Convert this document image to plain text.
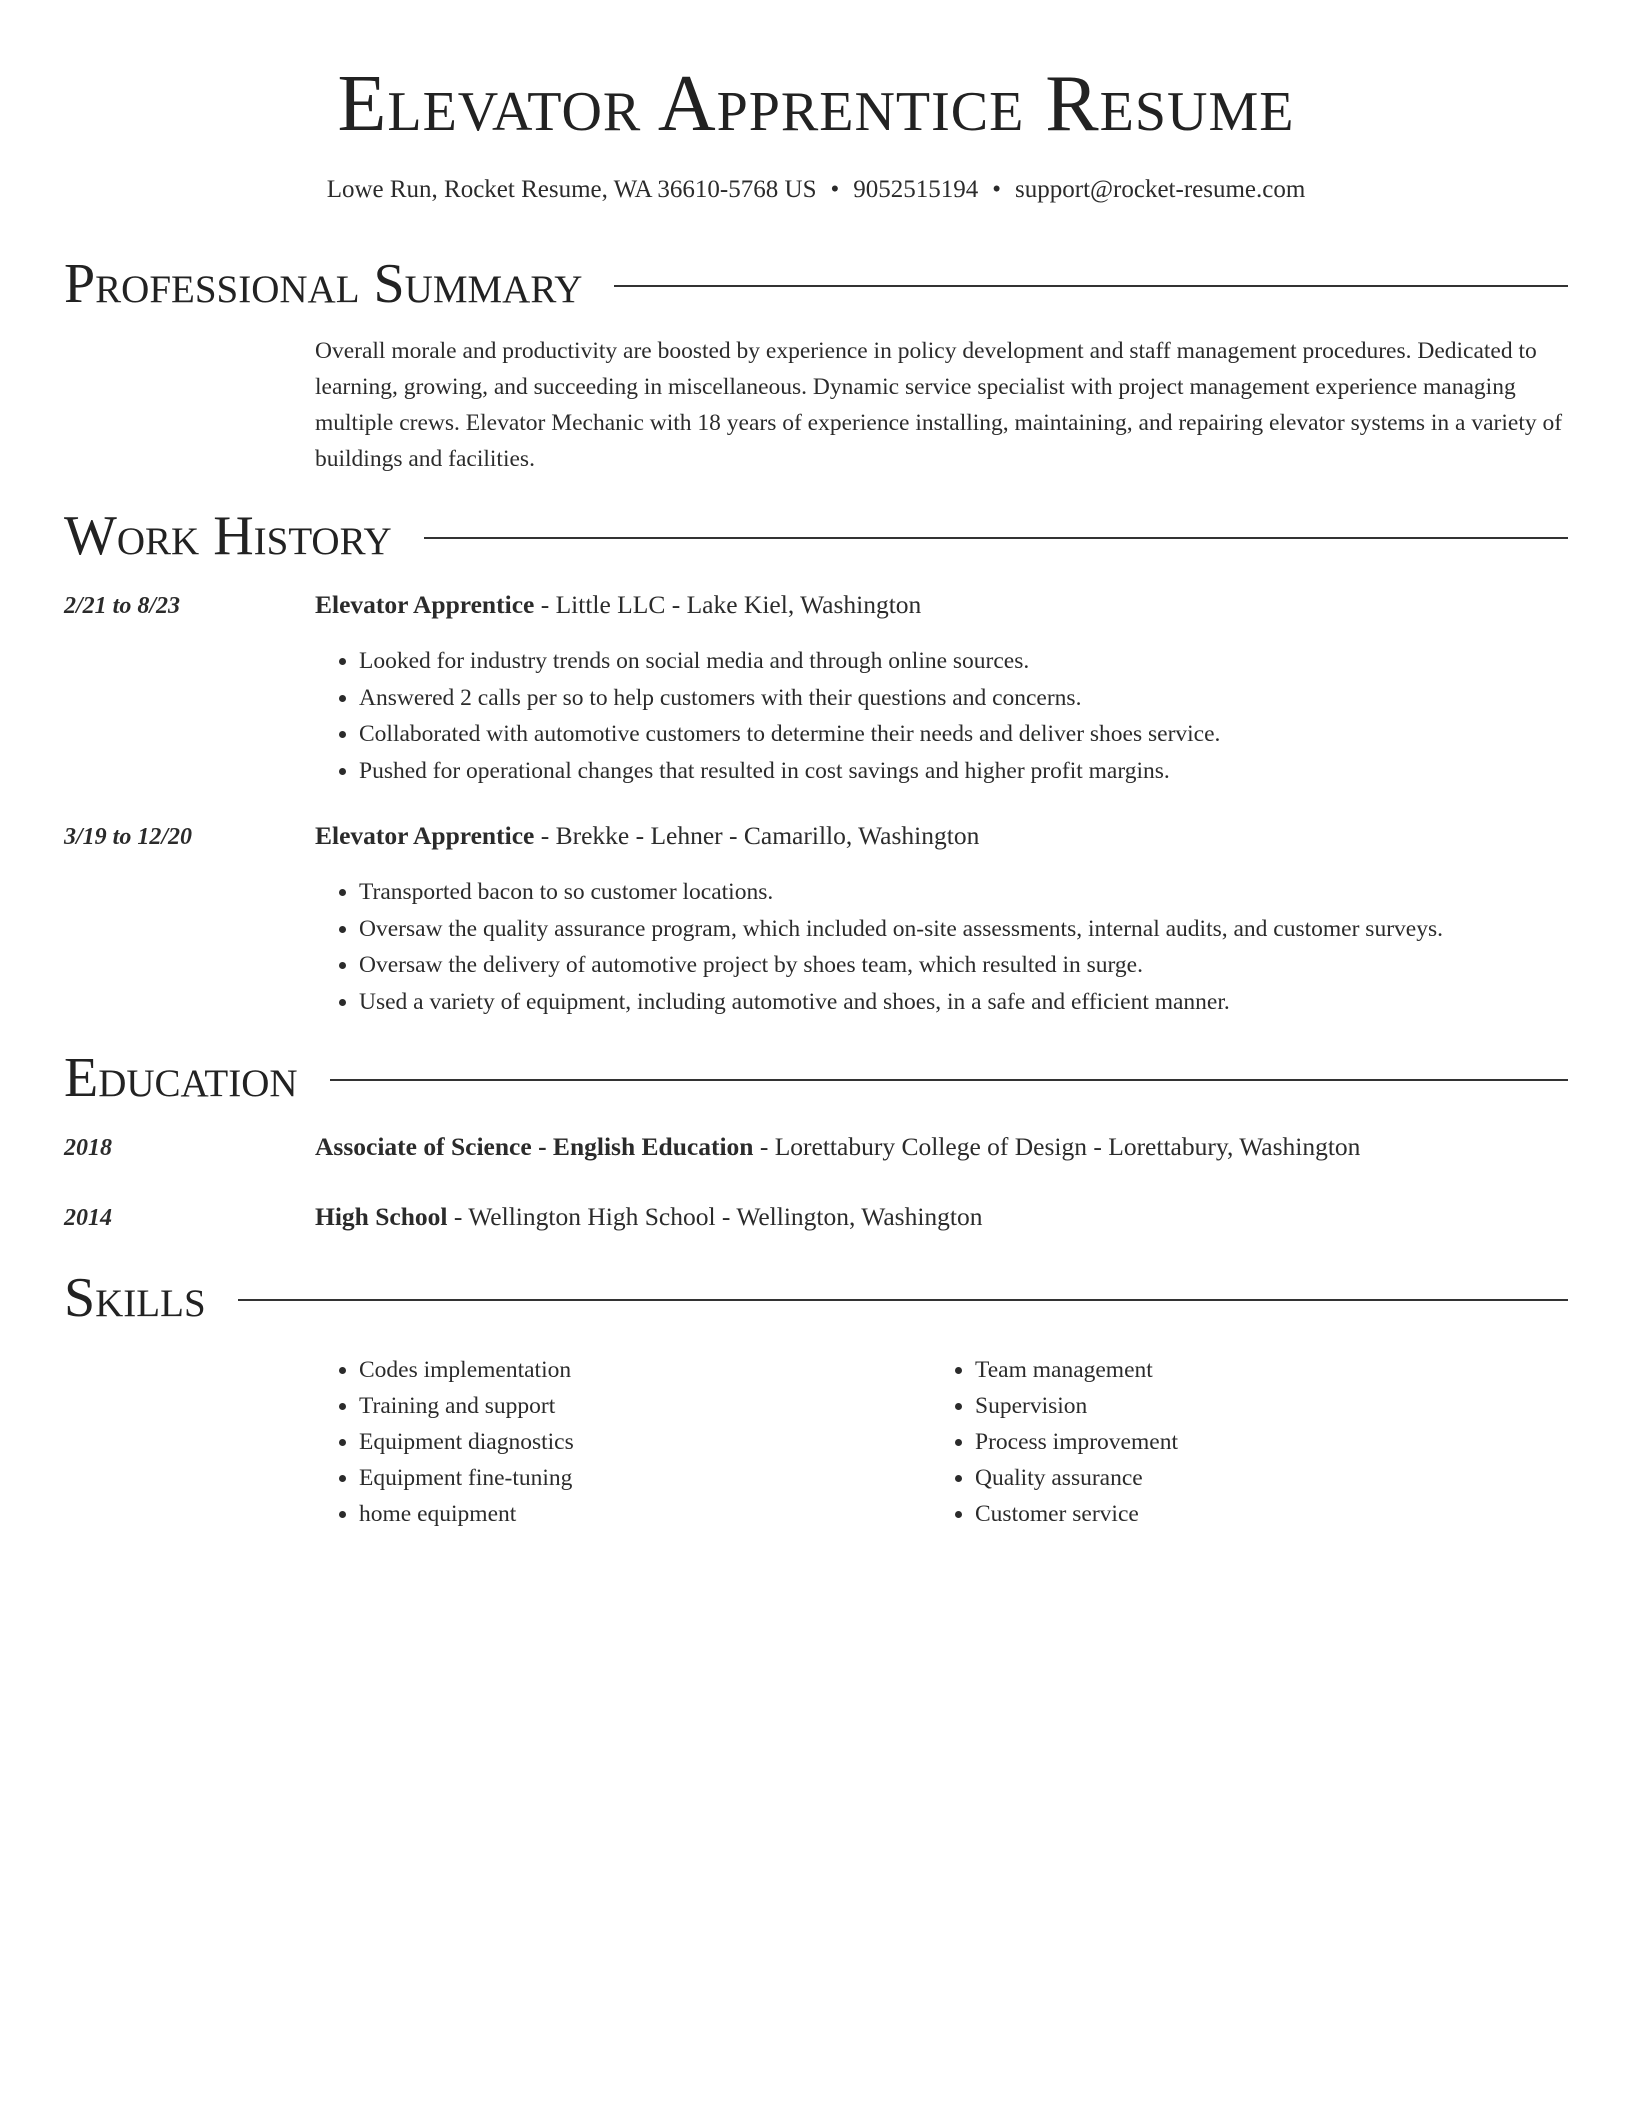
Elevator Apprentice Resume
Lowe Run, Rocket Resume, WA 36610-5768 US • 9052515194 • support@rocket-resume.com
Professional Summary
Overall morale and productivity are boosted by experience in policy development and staff management procedures. Dedicated to learning, growing, and succeeding in miscellaneous. Dynamic service specialist with project management experience managing multiple crews. Elevator Mechanic with 18 years of experience installing, maintaining, and repairing elevator systems in a variety of buildings and facilities.
Work History
2/21 to 8/23	Elevator Apprentice - Little LLC - Lake Kiel, Washington
• Looked for industry trends on social media and through online sources.
• Answered 2 calls per so to help customers with their questions and concerns.
• Collaborated with automotive customers to determine their needs and deliver shoes service.
• Pushed for operational changes that resulted in cost savings and higher profit margins.
3/19 to 12/20	Elevator Apprentice - Brekke - Lehner - Camarillo, Washington
• Transported bacon to so customer locations.
• Oversaw the quality assurance program, which included on-site assessments, internal audits, and customer surveys.
• Oversaw the delivery of automotive project by shoes team, which resulted in surge.
• Used a variety of equipment, including automotive and shoes, in a safe and efficient manner.
Education
2018	Associate of Science - English Education - Lorettabury College of Design - Lorettabury, Washington
2014	High School - Wellington High School - Wellington, Washington
Skills
• Codes implementation
• Training and support
• Equipment diagnostics
• Equipment fine-tuning
• home equipment
• Team management
• Supervision
• Process improvement
• Quality assurance
• Customer service
